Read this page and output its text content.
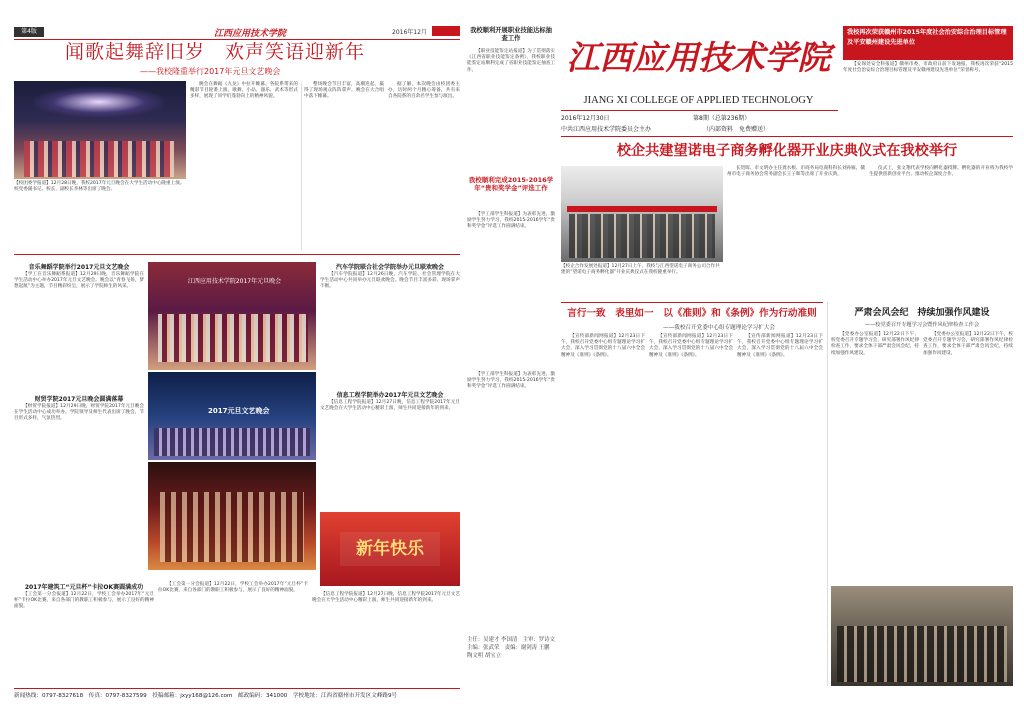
第4版	江西应用技术学院	2016年12月
闻歌起舞辞旧岁　欢声笑语迎新年
——我校隆重举行2017年元旦文艺晚会
【校团委学报道】12月28日晚，我校2017年元旦晚会在大学生活动中心隆重上演。校党委副书记、校长、副校长李林等出席了晚会。

晚会在舞蹈《九龙》中拉开帷幕。各院系带来的精彩节目轮番上演，歌舞、小品、器乐、武术等形式多样，展现了同学们蓬勃向上的精神风貌。

整场晚会节目丰富，高潮迭起，赢得了现场观众阵阵掌声。晚会在大合唱中落下帷幕。

据了解，本次晚会由校团委主办，历时两个月精心筹备，共有来自各院系的百余名学生参与演出。

音乐舞蹈学院举行2017元旦文艺晚会

【学工在音乐舞蹈系报道】12月29日晚，音乐舞蹈学院在学生活动中心举办2017年元旦文艺晚会。晚会以“青春飞扬，梦想起航”为主题，节目精彩纷呈，展示了学院师生的风采。

财贸学院2017元旦晚会圆满落幕

【财贸学院报道】12月29日晚，财贸学院2017年元旦晚会在学生活动中心成功举办。学院领导及师生代表出席了晚会，节目形式多样，气氛热烈。

江西应用技术学院2017年元旦晚会
2017元旦文艺晚会
汽车学院联合社会学院举办元旦联欢晚会

【汽车学院报道】12月26日晚，汽车学院、社会管理学院在大学生活动中心共同举办元旦联欢晚会。晚会节目丰富多彩，现场掌声不断。

信息工程学院举办2017年元旦文艺晚会

【信息工程学院报道】12月27日晚，信息工程学院2017年元旦文艺晚会在大学生活动中心精彩上演，师生共同迎接新年的到来。

新年快乐
2017年建筑工“元旦杯”卡拉OK赛圆满成功

【工会第一分会报道】12月22日，学校工会举办2017年“元旦杯”卡拉OK比赛，来自各部门的教职工积极参与，展示了良好的精神面貌。

【工会第一分会报道】12月22日，学校工会举办2017年“元旦杯”卡拉OK比赛，来自各部门的教职工积极参与，展示了良好的精神面貌。

【信息工程学院报道】12月27日晚，信息工程学院2017年元旦文艺晚会在大学生活动中心精彩上演，师生共同迎接新年的到来。

新闻热线：0797-8327618　传真：0797-8327599　投稿邮箱：jxyy168@126.com　邮政编码：341000　学校地址：江西省赣州市开发区文峰路9号
我校顺利开展职业技能达标抽查工作

【职业技能鉴定站报道】为了贯彻落实《江西省职业技能鉴定条例》，我校职业技能鉴定站顺利完成了省职业技能鉴定抽查工作。	江西应用技术学院
JIANG XI COLLEGE OF APPLIED TECHNOLOGY
2016年12月30日	第8期（总第236期）
中共江西应用技术学院委员会主办	（内部资料　免费赠送）
我校再次荣获赣州市2015年度社会治安综合治理目标管理及平安赣州建设先进单位

【安保处安全科报道】赣州市委、市政府日前下发通报，我校再次荣获“2015年度社会治安综合治理目标管理及平安赣州建设先进单位”荣誉称号。

校企共建望诺电子商务孵化器开业庆典仪式在我校举行
我校顺利完成2015-2016学年“贵和奖学金”评选工作

【学工部学生科报道】为表彰先进，激励学生努力学习，我校2015-2016学年“贵和奖学金”评选工作圆满结束。

【校企合作发展处报道】12月27日上午，我校与江西望诺电子商务公司合作共建的“望诺电子商务孵化器”开业庆典仪式在我校隆重举行。

长贺晖、市文明办主任龚水根、市商务局电商科科长刘孙雁、赣州市电子商务协会常务副会长王子晖等出席了开业庆典。

仪式上，张文翔代表学校向孵化器授牌。孵化器的开业将为我校学生提供创新创业平台，推动校企深度合作。

言行一致　表里如一　以《准则》和《条例》作为行动准则
——我校召开党委中心组专题理论学习扩大会

【宣传部新闻网报道】12月23日下午，我校召开党委中心组专题理论学习扩大会，深入学习贯彻党的十八届六中全会精神及《准则》《条例》。

【宣传部新闻网报道】12月23日下午，我校召开党委中心组专题理论学习扩大会，深入学习贯彻党的十八届六中全会精神及《准则》《条例》。

【宣传部新闻网报道】12月23日下午，我校召开党委中心组专题理论学习扩大会，深入学习贯彻党的十八届六中全会精神及《准则》《条例》。

严肃会风会纪　持续加强作风建设
——校党委召开专题学习会暨作风纪律检查工作会

【党委办公室报道】12月22日下午，校党委召开专题学习会，研究部署作风纪律检查工作，要求全体干部严肃会风会纪，持续加强作风建设。

【党委办公室报道】12月22日下午，校党委召开专题学习会，研究部署作风纪律检查工作，要求全体干部严肃会风会纪，持续加强作风建设。

【学工部学生科报道】为表彰先进，激励学生努力学习，我校2015-2016学年“贵和奖学金”评选工作圆满结束。

主任：吴建才 李国清　主审：罗诗文　主编：张武荣　责编：谢剑涛 王鹏　陶文明 胡宝立
